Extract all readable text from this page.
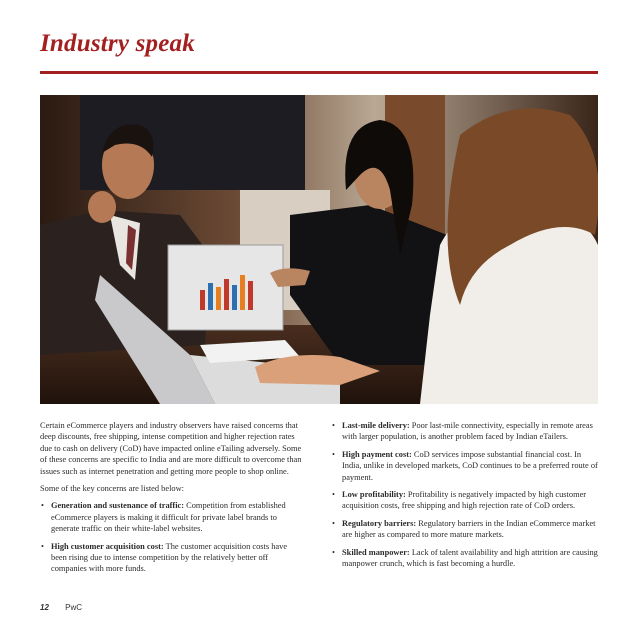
Industry speak

Certain eCommerce players and industry observers have raised concerns that deep discounts, free shipping, intense competition and higher rejection rates due to cash on delivery (CoD) have impacted online eTailing adversely. Some of these concerns are specific to India and are more difficult to overcome than issues such as internet penetration and getting more people to shop online.

Some of the key concerns are listed below:

• Generation and sustenance of traffic: Competition from established eCommerce players is making it difficult for private label brands to generate traffic on their white-label websites.
• High customer acquisition cost: The customer acquisition costs have been rising due to intense competition by the relatively better off companies with more funds.
• Last-mile delivery: Poor last-mile connectivity, especially in remote areas with larger population, is another problem faced by Indian eTailers.
• High payment cost: CoD services impose substantial financial cost. In India, unlike in developed markets, CoD continues to be a preferred route of payment.
• Low profitability: Profitability is negatively impacted by high customer acquisition costs, free shipping and high rejection rate of CoD orders.
• Regulatory barriers: Regulatory barriers in the Indian eCommerce market are higher as compared to more mature markets.
• Skilled manpower: Lack of talent availability and high attrition are causing manpower crunch, which is fast becoming a hurdle.
12 PwC
